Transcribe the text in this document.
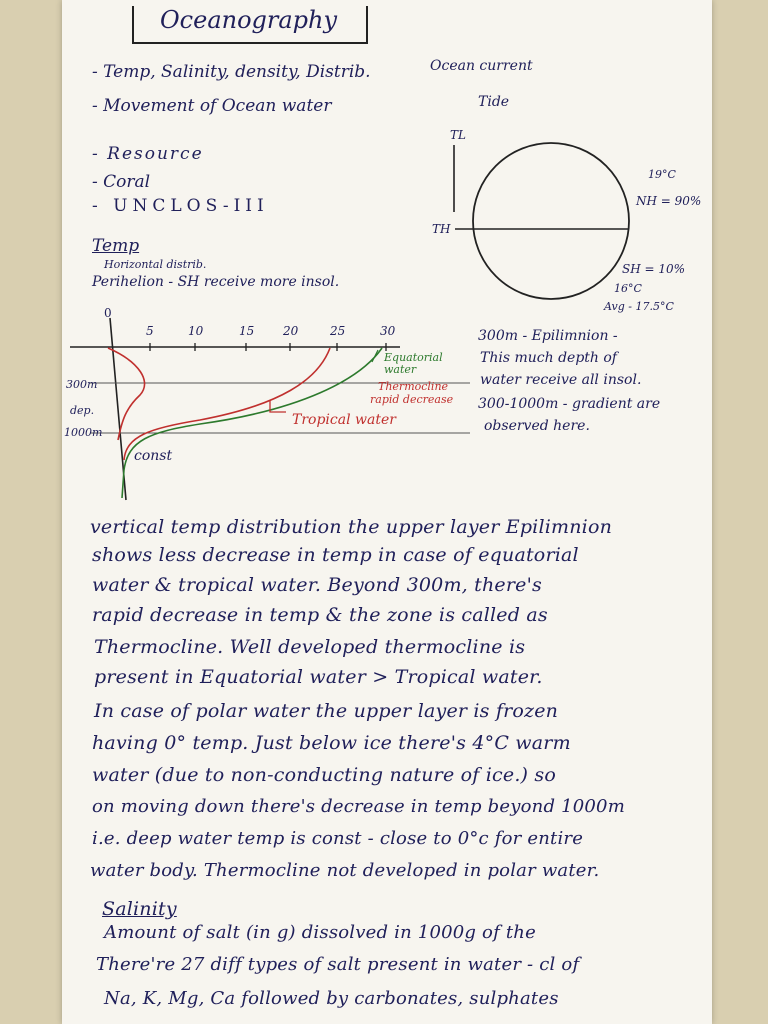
Oceanography
- Temp, Salinity, density, Distrib.	Ocean current
- Movement of Ocean water	Tide
- Resource
- Coral
- UNCLOS-III
Temp
Horizontal distrib.
Perihelion - SH receive more insol.
TL
TH
19°C
NH = 90%
SH = 10%
16°C
Avg - 17.5°C
0
5	10	15 20	25	30
300m
dep.
1000m
const
Equatorial water
Thermocline
rapid decrease
Tropical water
300m - Epilimnion -
This much depth of
water receive all insol.
300-1000m - gradient are
observed here.
vertical temp distribution the upper layer Epilimnion
shows less decrease in temp in case of equatorial
water & tropical water. Beyond 300m, there's
rapid decrease in temp & the zone is called as
Thermocline. Well developed thermocline is
present in Equatorial water > Tropical water.
In case of polar water the upper layer is frozen
having 0° temp. Just below ice there's 4°C warm
water (due to non-conducting nature of ice.) so
on moving down there's decrease in temp beyond 1000m
i.e. deep water temp is const - close to 0°c for entire
water body. Thermocline not developed in polar water.
Salinity
Amount of salt (in g) dissolved in 1000g of the
There're 27 diff types of salt present in water - cl of
Na, K, Mg, Ca followed by carbonates, sulphates
